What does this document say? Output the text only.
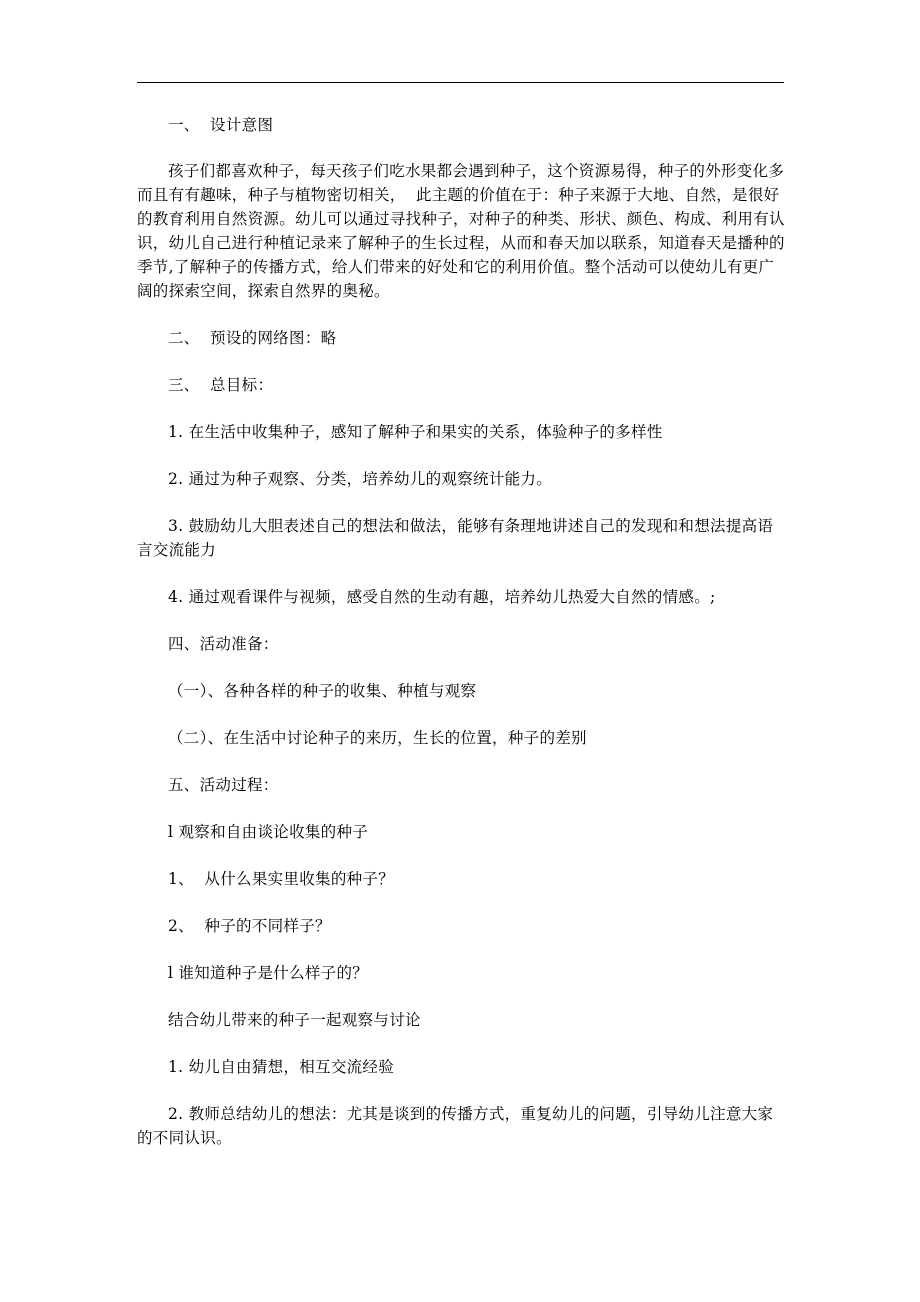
一、  设计意图

孩子们都喜欢种子，每天孩子们吃水果都会遇到种子，这个资源易得，种子的外形变化多而且有有趣味，种子与植物密切相关，  此主题的价值在于：种子来源于大地、自然，是很好的教育利用自然资源。幼儿可以通过寻找种子，对种子的种类、形状、颜色、构成、利用有认识，幼儿自己进行种植记录来了解种子的生长过程，从而和春天加以联系，知道春天是播种的季节,了解种子的传播方式，给人们带来的好处和它的利用价值。整个活动可以使幼儿有更广阔的探索空间，探索自然界的奥秘。

二、  预设的网络图：略

三、  总目标：

1. 在生活中收集种子，感知了解种子和果实的关系，体验种子的多样性

2. 通过为种子观察、分类，培养幼儿的观察统计能力。

3. 鼓励幼儿大胆表述自己的想法和做法，能够有条理地讲述自己的发现和和想法提高语言交流能力

4. 通过观看课件与视频，感受自然的生动有趣，培养幼儿热爱大自然的情感。;

四、活动准备：

（一）、各种各样的种子的收集、种植与观察

（二）、在生活中讨论种子的来历，生长的位置，种子的差别

五、活动过程：

l 观察和自由谈论收集的种子

1、  从什么果实里收集的种子？

2、  种子的不同样子？

l 谁知道种子是什么样子的？

结合幼儿带来的种子一起观察与讨论

1. 幼儿自由猜想，相互交流经验

2. 教师总结幼儿的想法：尤其是谈到的传播方式，重复幼儿的问题，引导幼儿注意大家的不同认识。
